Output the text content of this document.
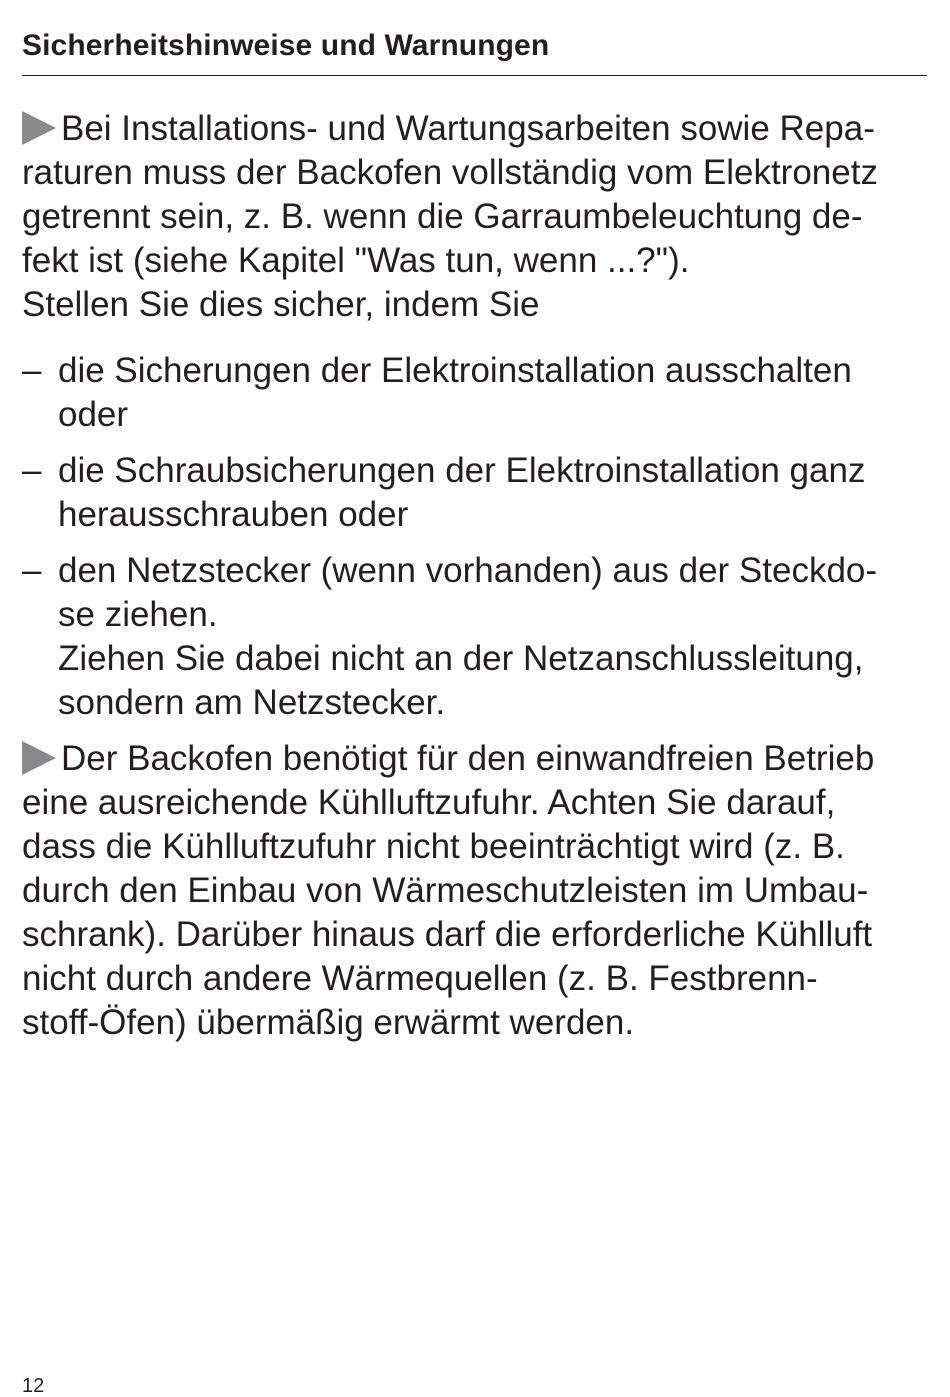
Sicherheitshinweise und Warnungen

Bei Installations- und Wartungsarbeiten sowie Repa-
raturen muss der Backofen vollständig vom Elektronetz
getrennt sein, z. B. wenn die Garraumbeleuchtung de-
fekt ist (siehe Kapitel "Was tun, wenn ...?").
Stellen Sie dies sicher, indem Sie

– die Sicherungen der Elektroinstallation ausschalten
oder
– die Schraubsicherungen der Elektroinstallation ganz
herausschrauben oder
– den Netzstecker (wenn vorhanden) aus der Steckdo-
se ziehen.
Ziehen Sie dabei nicht an der Netzanschlussleitung,
sondern am Netzstecker.

Der Backofen benötigt für den einwandfreien Betrieb
eine ausreichende Kühlluftzufuhr. Achten Sie darauf,
dass die Kühlluftzufuhr nicht beeinträchtigt wird (z. B.
durch den Einbau von Wärmeschutzleisten im Umbau-
schrank). Darüber hinaus darf die erforderliche Kühlluft
nicht durch andere Wärmequellen (z. B. Festbrenn-
stoff-Öfen) übermäßig erwärmt werden.

12
